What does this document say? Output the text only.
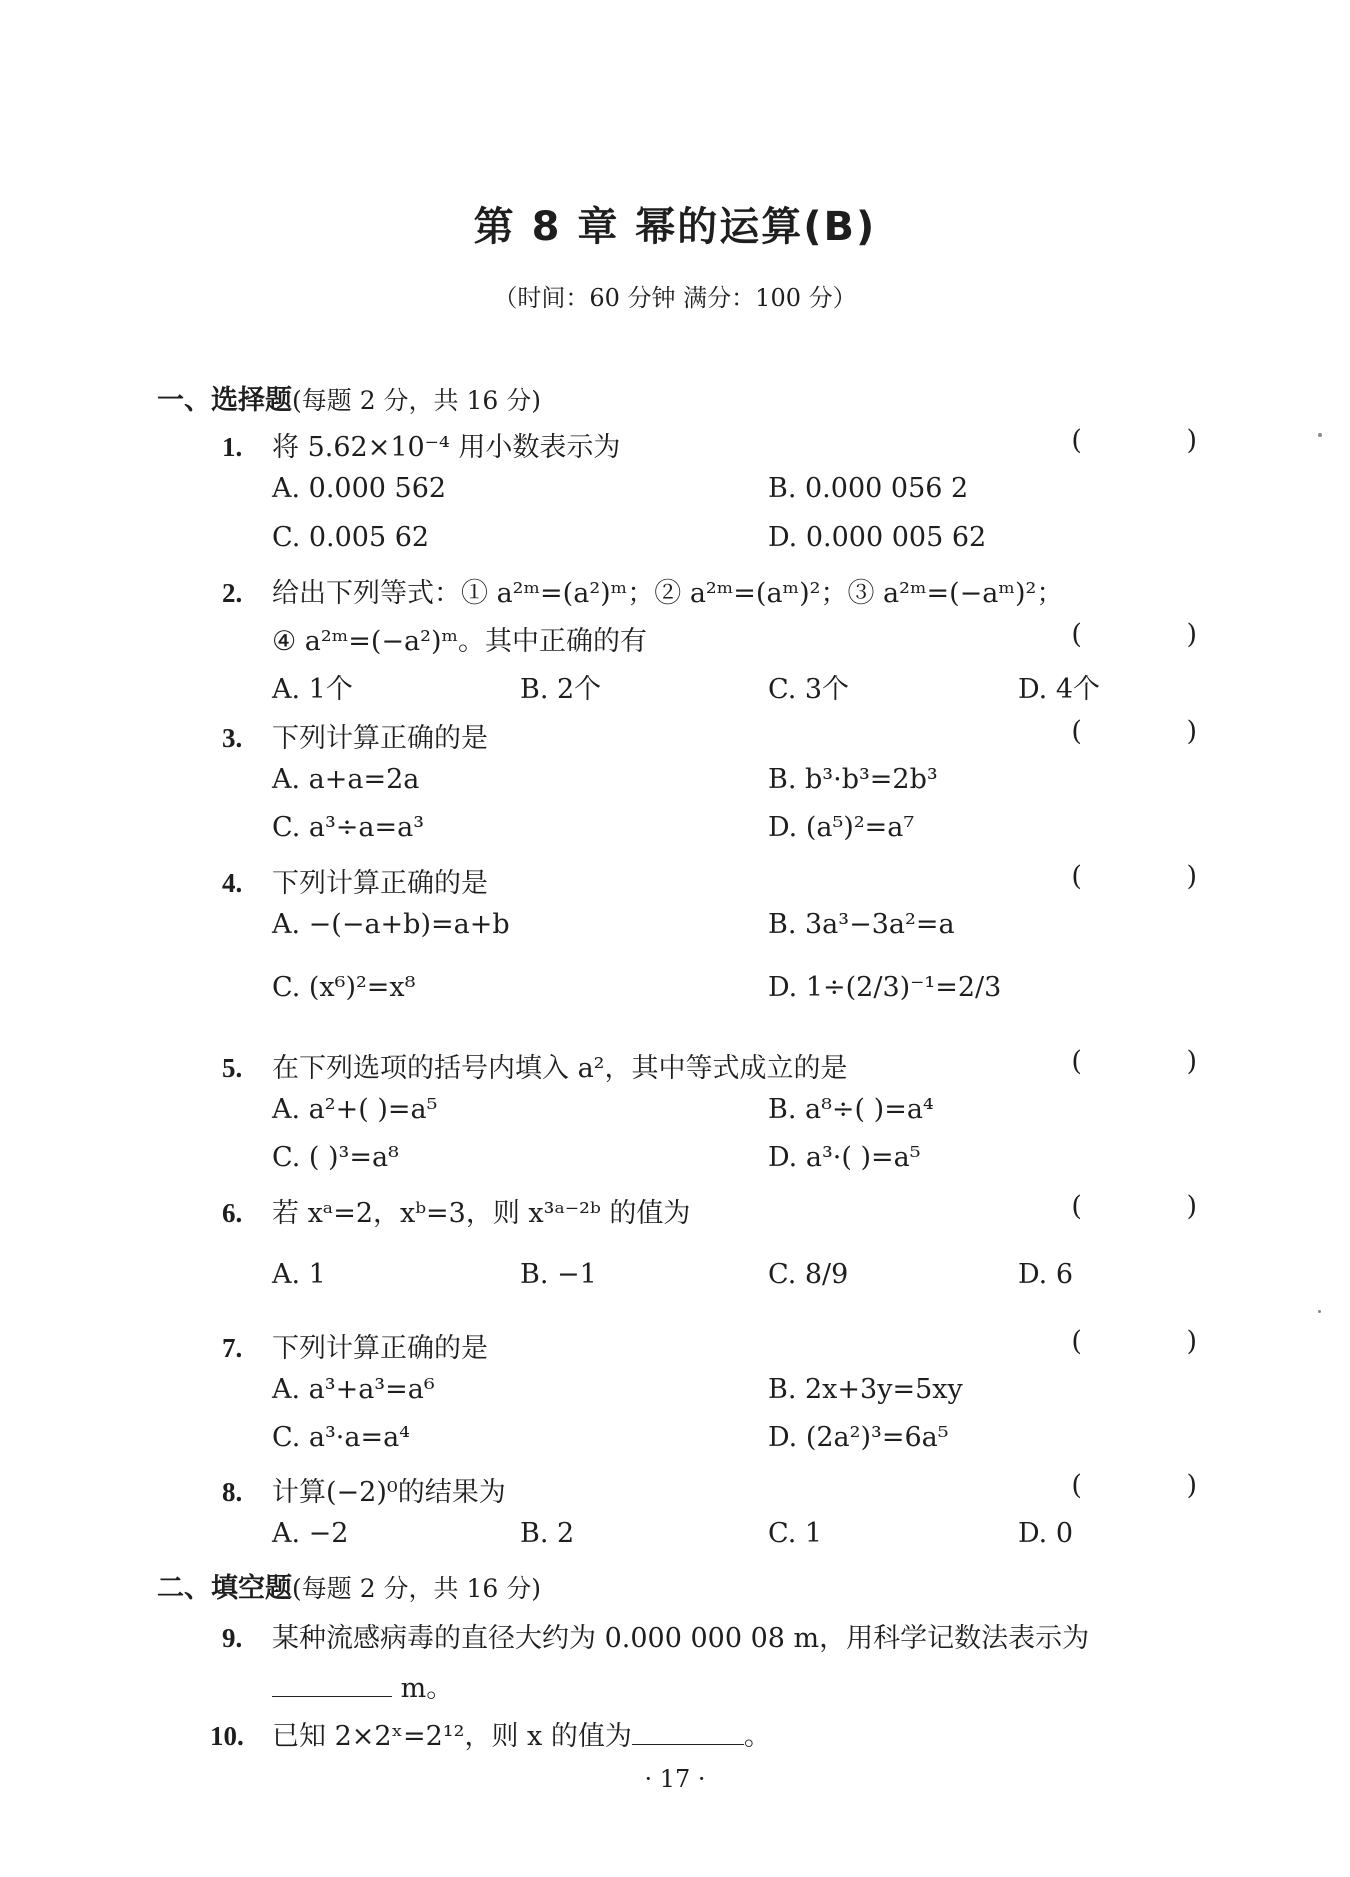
第 8 章 幂的运算(B)
（时间：60 分钟 满分：100 分）
一、选择题(每题 2 分，共 16 分)
1. 将 5.62×10⁻⁴ 用小数表示为	( )
A. 0.000 562	B. 0.000 056 2
C. 0.005 62	D. 0.000 005 62
2. 给出下列等式：① a²ᵐ=(a²)ᵐ；② a²ᵐ=(aᵐ)²；③ a²ᵐ=(−aᵐ)²；
④ a²ᵐ=(−a²)ᵐ。其中正确的有	( )
A. 1个	B. 2个	C. 3个	D. 4个
3. 下列计算正确的是	( )
A. a+a=2a	B. b³·b³=2b³
C. a³÷a=a³	D. (a⁵)²=a⁷
4. 下列计算正确的是	( )
A. −(−a+b)=a+b	B. 3a³−3a²=a
C. (x⁶)²=x⁸	D. 1÷(2/3)⁻¹=2/3
5. 在下列选项的括号内填入 a²，其中等式成立的是	( )
A. a²+( )=a⁵	B. a⁸÷( )=a⁴
C. ( )³=a⁸	D. a³·( )=a⁵
6. 若 xᵃ=2，xᵇ=3，则 x³ᵃ⁻²ᵇ 的值为	( )
A. 1	B. −1	C. 8/9	D. 6
7. 下列计算正确的是	( )
A. a³+a³=a⁶	B. 2x+3y=5xy
C. a³·a=a⁴	D. (2a²)³=6a⁵
8. 计算(−2)⁰的结果为	( )
A. −2	B. 2	C. 1	D. 0
二、填空题(每题 2 分，共 16 分)
9. 某种流感病毒的直径大约为 0.000 000 08 m，用科学记数法表示为
m。
10. 已知 2×2ˣ=2¹²，则 x 的值为	。
· 17 ·
